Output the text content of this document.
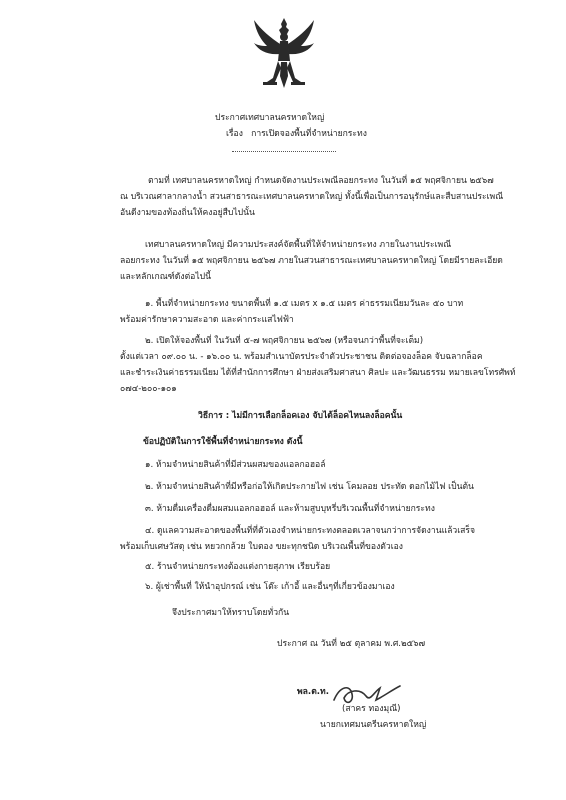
ประกาศเทศบาลนครหาดใหญ่
เรื่อง การเปิดจองพื้นที่จำหน่ายกระทง
ตามที่ เทศบาลนครหาดใหญ่ กำหนดจัดงานประเพณีลอยกระทง ในวันที่ ๑๕ พฤศจิกายน ๒๕๖๗
ณ บริเวณศาลากลางน้ำ สวนสาธารณะเทศบาลนครหาดใหญ่ ทั้งนี้เพื่อเป็นการอนุรักษ์และสืบสานประเพณี
อันดีงามของท้องถิ่นให้คงอยู่สืบไปนั้น
เทศบาลนครหาดใหญ่ มีความประสงค์จัดพื้นที่ให้จำหน่ายกระทง ภายในงานประเพณี
ลอยกระทง ในวันที่ ๑๕ พฤศจิกายน ๒๕๖๗ ภายในสวนสาธารณะเทศบาลนครหาดใหญ่ โดยมีรายละเอียด
และหลักเกณฑ์ดังต่อไปนี้
๑. พื้นที่จำหน่ายกระทง ขนาดพื้นที่ ๑.๕ เมตร x ๑.๕ เมตร ค่าธรรมเนียมวันละ ๕๐ บาท
พร้อมค่ารักษาความสะอาด และค่ากระแสไฟฟ้า
๒. เปิดให้จองพื้นที่ ในวันที่ ๕-๗ พฤศจิกายน ๒๕๖๗ (หรือจนกว่าพื้นที่จะเต็ม)
ตั้งแต่เวลา ๐๙.๐๐ น. - ๑๖.๐๐ น. พร้อมสำเนาบัตรประจำตัวประชาชน ติดต่อจองล็อค จับฉลากล็อค
และชำระเงินค่าธรรมเนียม ได้ที่สำนักการศึกษา ฝ่ายส่งเสริมศาสนา ศิลปะ และวัฒนธรรม หมายเลขโทรศัพท์
๐๗๔-๒๐๐-๑๐๑
วิธีการ : ไม่มีการเลือกล็อคเอง จับได้ล็อคไหนลงล็อคนั้น
ข้อปฏิบัติในการใช้พื้นที่จำหน่ายกระทง ดังนี้
๑. ห้ามจำหน่ายสินค้าที่มีส่วนผสมของแอลกอฮอล์
๒. ห้ามจำหน่ายสินค้าที่มีหรือก่อให้เกิดประกายไฟ เช่น โคมลอย ประทัด ดอกไม้ไฟ เป็นต้น
๓. ห้ามดื่มเครื่องดื่มผสมแอลกอฮอล์ และห้ามสูบบุหรี่บริเวณพื้นที่จำหน่ายกระทง
๔. ดูแลความสะอาดของพื้นที่ที่ตัวเองจำหน่ายกระทงตลอดเวลาจนกว่าการจัดงานแล้วเสร็จ
พร้อมเก็บเศษวัสดุ เช่น หยวกกล้วย ใบตอง ขยะทุกชนิด บริเวณพื้นที่ของตัวเอง
๕. ร้านจำหน่ายกระทงต้องแต่งกายสุภาพ เรียบร้อย
๖. ผู้เช่าพื้นที่ ให้นำอุปกรณ์ เช่น โต๊ะ เก้าอี้ และอื่นๆที่เกี่ยวข้องมาเอง
จึงประกาศมาให้ทราบโดยทั่วกัน
ประกาศ ณ วันที่ ๒๕ ตุลาคม พ.ศ.๒๕๖๗
พล.ต.ท.
(สาคร ทองมุณี)
นายกเทศมนตรีนครหาดใหญ่
